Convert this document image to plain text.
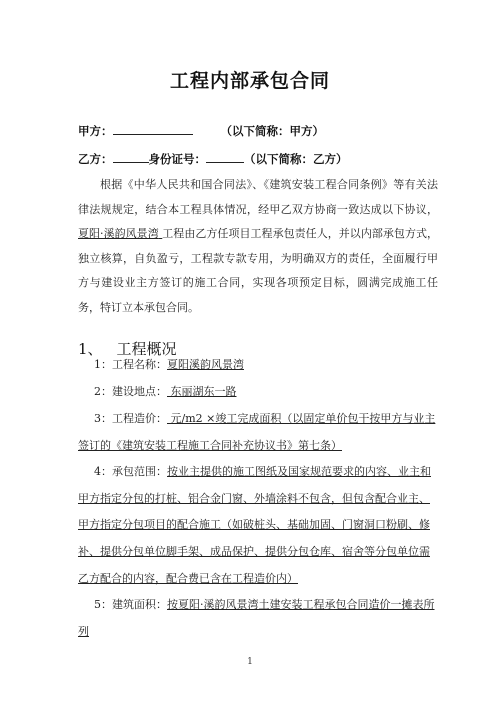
工程内部承包合同
甲方：	（以下简称：甲方）
乙方：	身份证号：	（以下简称：乙方）
根据《中华人民共和国合同法》、《建筑安装工程合同条例》等有关法律法规规定，结合本工程具体情况，经甲乙双方协商一致达成以下协议， 夏阳·溪韵风景湾 工程由乙方任项目工程承包责任人，并以内部承包方式，独立核算，自负盈亏，工程款专款专用，为明确双方的责任，全面履行甲方与建设业主方签订的施工合同，实现各项预定目标，圆满完成施工任务，特订立本承包合同。
1、 工程概况
1：工程名称：夏阳溪韵风景湾
2：建设地点： 东丽湖东一路
3：工程造价： 元/m2 ×竣工完成面积（以固定单价包干按甲方与业主签订的《建筑安装工程施工合同补充协议书》第七条）
4：承包范围：按业主提供的施工图纸及国家规范要求的内容、业主和甲方指定分包的打桩、铝合金门窗、外墙涂料不包含，但包含配合业主、甲方指定分包项目的配合施工（如破桩头、基础加固、门窗洞口粉刷、修补、提供分包单位脚手架、成品保护、提供分包仓库、宿舍等分包单位需乙方配合的内容，配合费已含在工程造价内）
5：建筑面积：按夏阳·溪韵风景湾土建安装工程承包合同造价一摊表所列
1
